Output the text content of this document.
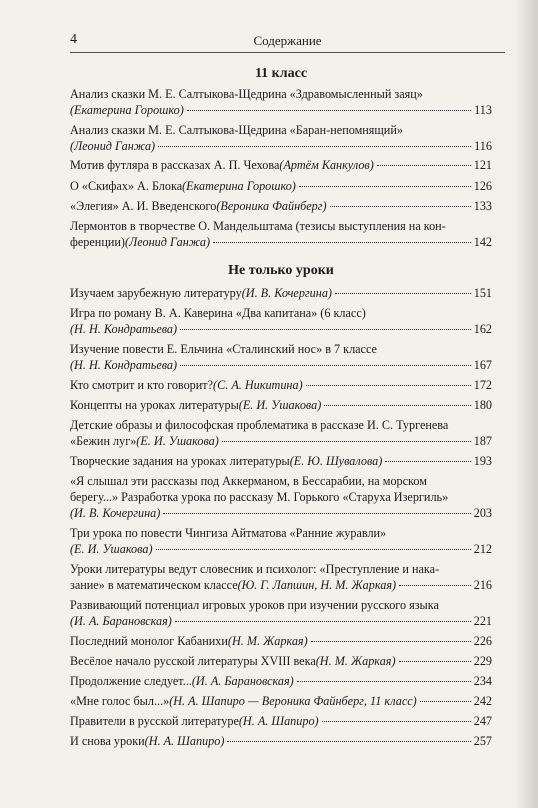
4	Содержание
11 класс
Анализ сказки М. Е. Салтыкова-Щедрина «Здравомысленный заяц»
(Екатерина Горошко)	113
Анализ сказки М. Е. Салтыкова-Щедрина «Баран-непомнящий»
(Леонид Ганжа)	116
Мотив футляра в рассказах А. П. Чехова (Артём Канкулов)	121
О «Скифах» А. Блока (Екатерина Горошко)	126
«Элегия» А. И. Введенского (Вероника Файнберг)	133
Лермонтов в творчестве О. Мандельштама (тезисы выступления на кон-
ференции) (Леонид Ганжа)	142
Не только уроки
Изучаем зарубежную литературу (И. В. Кочергина)	151
Игра по роману В. А. Каверина «Два капитана» (6 класс)
(Н. Н. Кондратьева)	162
Изучение повести Е. Ельчина «Сталинский нос» в 7 классе
(Н. Н. Кондратьева)	167
Кто смотрит и кто говорит? (С. А. Никитина)	172
Концепты на уроках литературы (Е. И. Ушакова)	180
Детские образы и философская проблематика в рассказе И. С. Тургенева
«Бежин луг» (Е. И. Ушакова)	187
Творческие задания на уроках литературы (Е. Ю. Шувалова)	193
«Я слышал эти рассказы под Аккерманом, в Бессарабии, на морском
берегу...» Разработка урока по рассказу М. Горького «Старуха Изергиль»
(И. В. Кочергина)	203
Три урока по повести Чингиза Айтматова «Ранние журавли»
(Е. И. Ушакова)	212
Уроки литературы ведут словесник и психолог: «Преступление и нака-
зание» в математическом классе (Ю. Г. Лапшин, Н. М. Жаркая)	216
Развивающий потенциал игровых уроков при изучении русского языка
(И. А. Барановская)	221
Последний монолог Кабанихи (Н. М. Жаркая)	226
Весёлое начало русской литературы XVIII века (Н. М. Жаркая)	229
Продолжение следует... (И. А. Барановская)	234
«Мне голос был...» (Н. А. Шапиро — Вероника Файнберг, 11 класс)	242
Правители в русской литературе (Н. А. Шапиро)	247
И снова уроки (Н. А. Шапиро)	257
